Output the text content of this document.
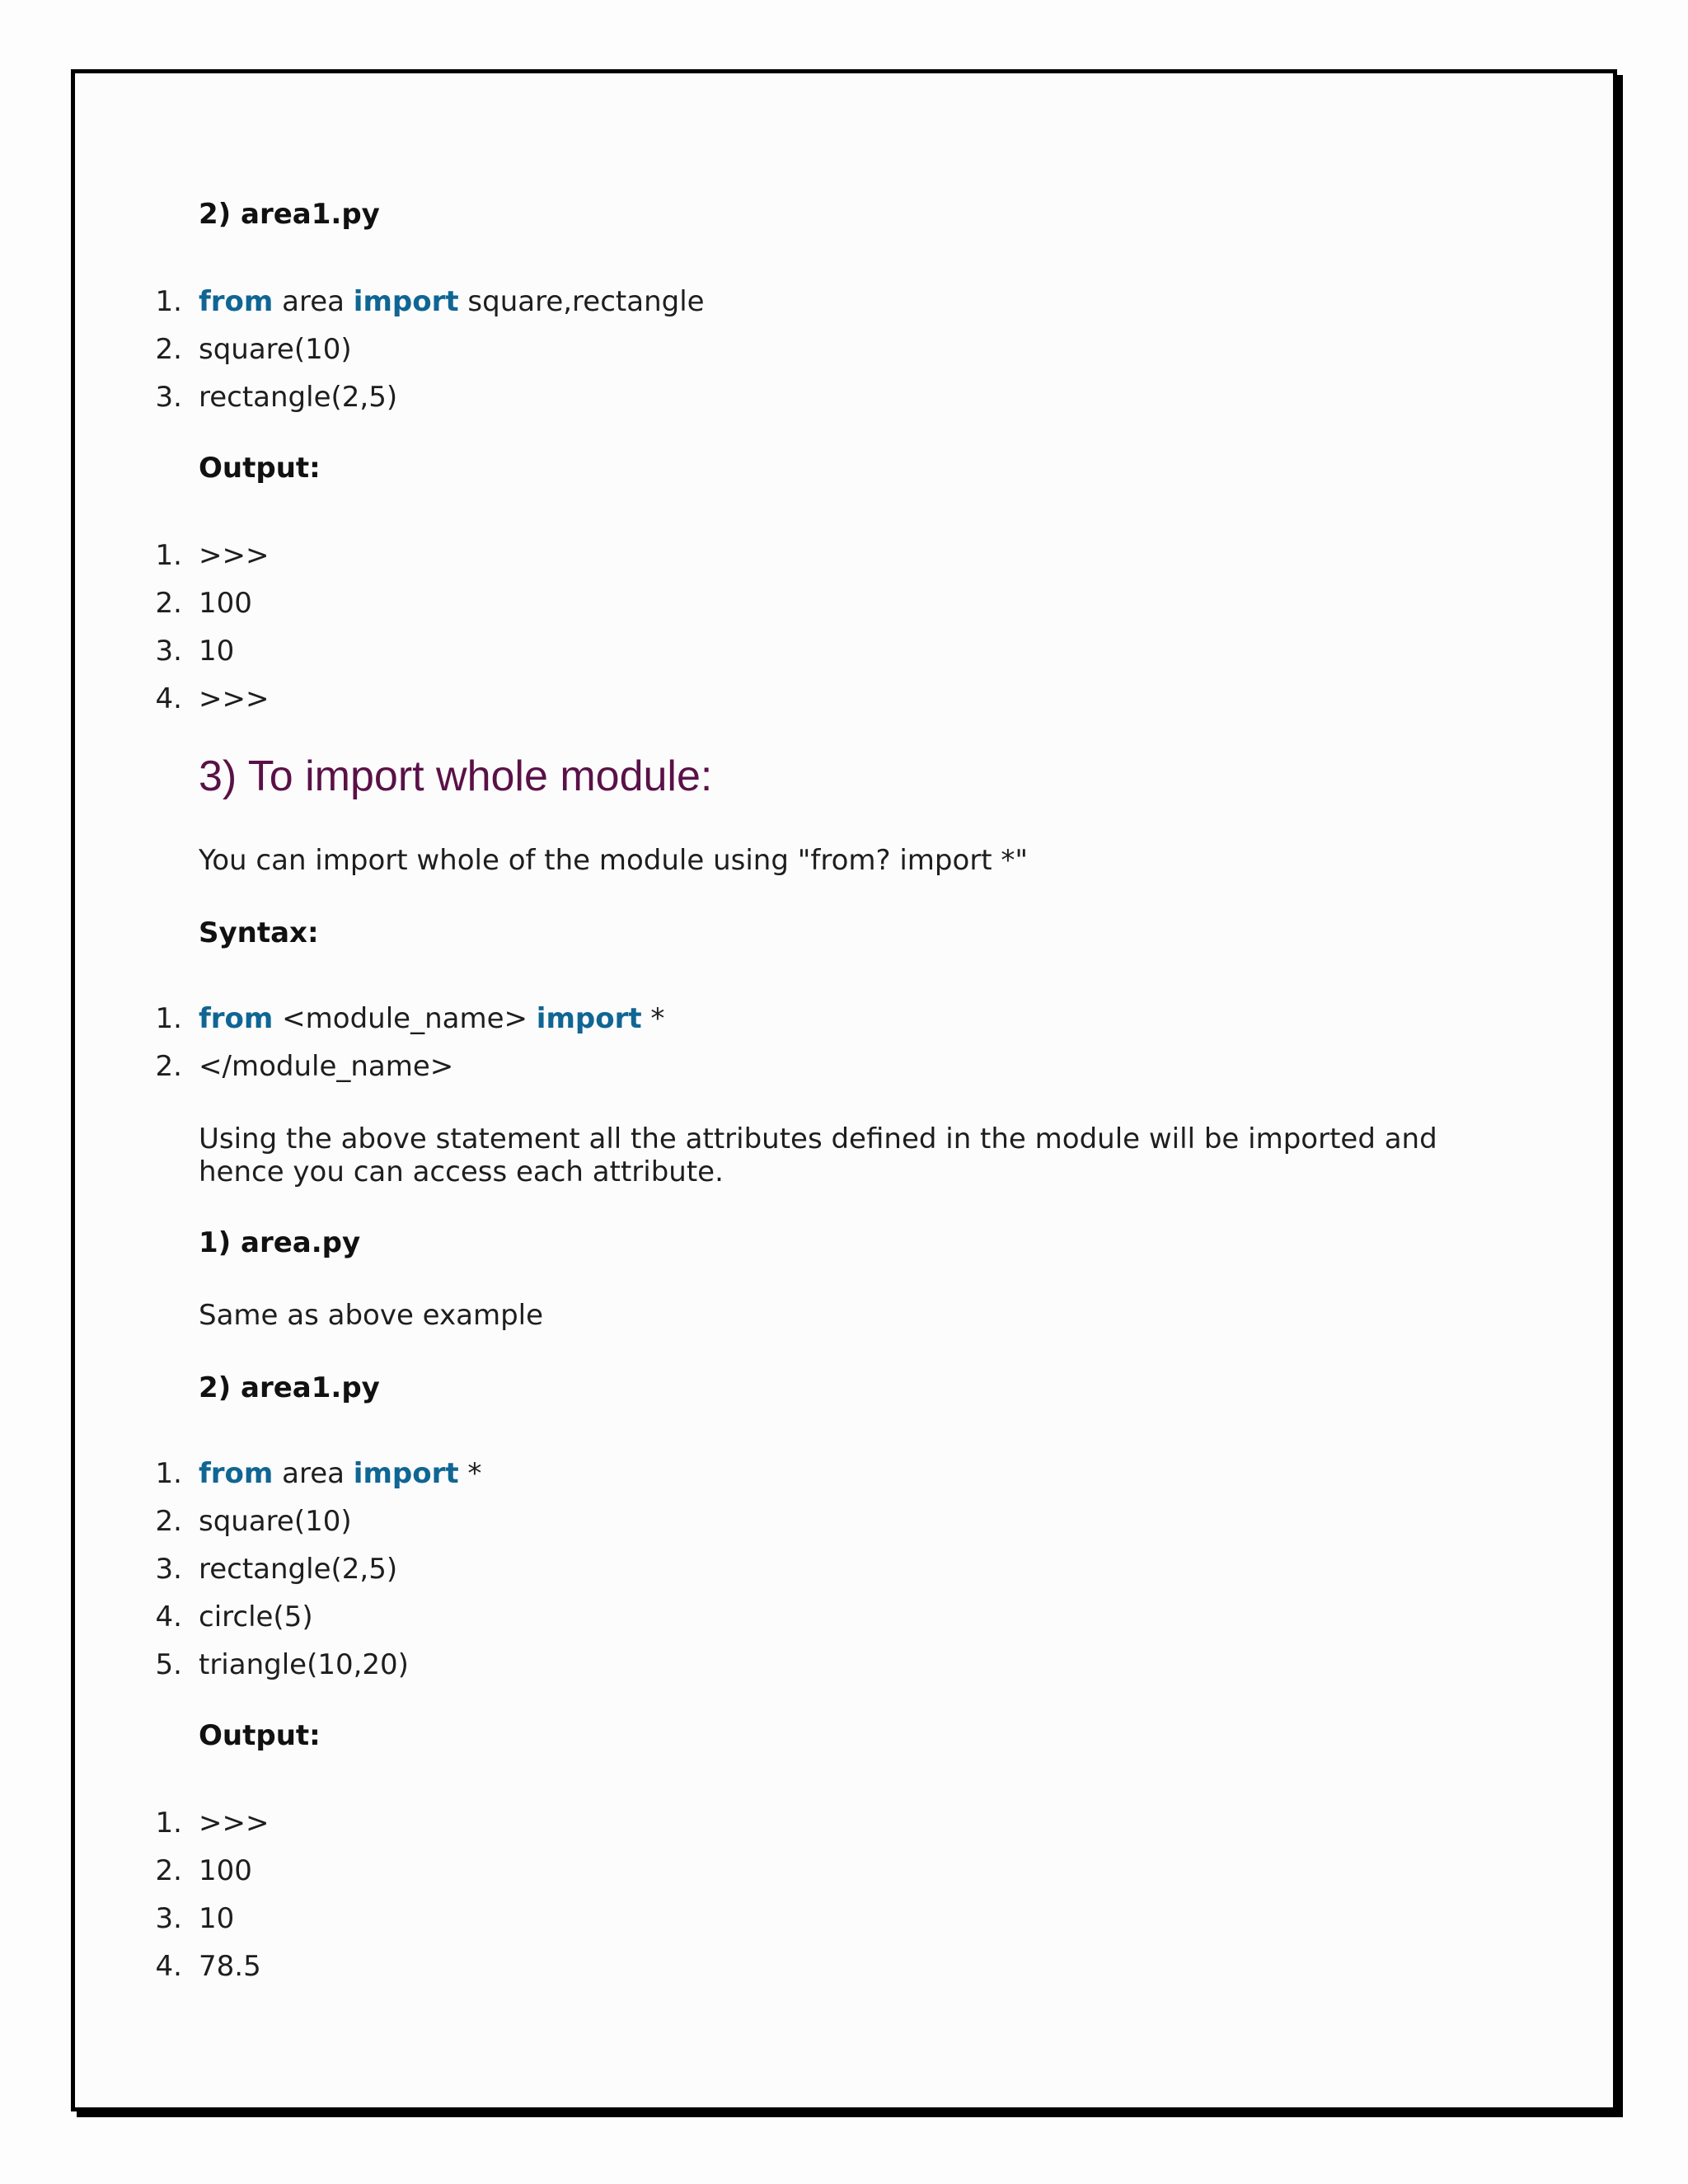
2) area1.py
1. from area import square,rectangle
2. square(10)
3. rectangle(2,5)
Output:
1. >>>
2. 100
3. 10
4. >>>
3) To import whole module:
You can import whole of the module using "from? import *"
Syntax:
1. from <module_name> import *
2. </module_name>
Using the above statement all the attributes defined in the module will be imported and hence you can access each attribute.
1) area.py
Same as above example
2) area1.py
1. from area import *
2. square(10)
3. rectangle(2,5)
4. circle(5)
5. triangle(10,20)
Output:
1. >>>
2. 100
3. 10
4. 78.5
